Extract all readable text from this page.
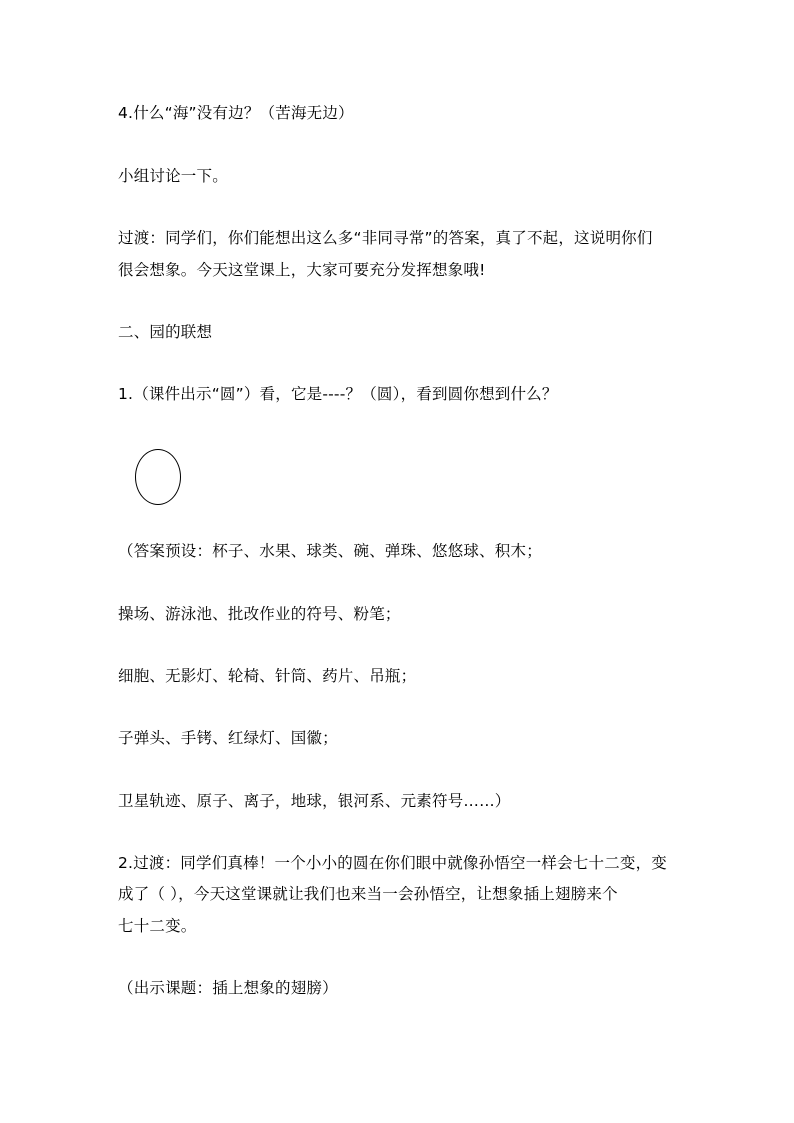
4.什么“海”没有边？（苦海无边）
小组讨论一下。
过渡：同学们，你们能想出这么多“非同寻常”的答案，真了不起，这说明你们
很会想象。今天这堂课上，大家可要充分发挥想象哦!
二、园的联想
1.（课件出示“圆”）看，它是----？（圆），看到圆你想到什么？
（答案预设：杯子、水果、球类、碗、弹珠、悠悠球、积木；
操场、游泳池、批改作业的符号、粉笔；
细胞、无影灯、轮椅、针筒、药片、吊瓶；
子弹头、手铐、红绿灯、国徽；
卫星轨迹、原子、离子，地球，银河系、元素符号……）
2.过渡：同学们真棒！一个小小的圆在你们眼中就像孙悟空一样会七十二变，变
成了（ ），今天这堂课就让我们也来当一会孙悟空，让想象插上翅膀来个
七十二变。
（出示课题：插上想象的翅膀）
